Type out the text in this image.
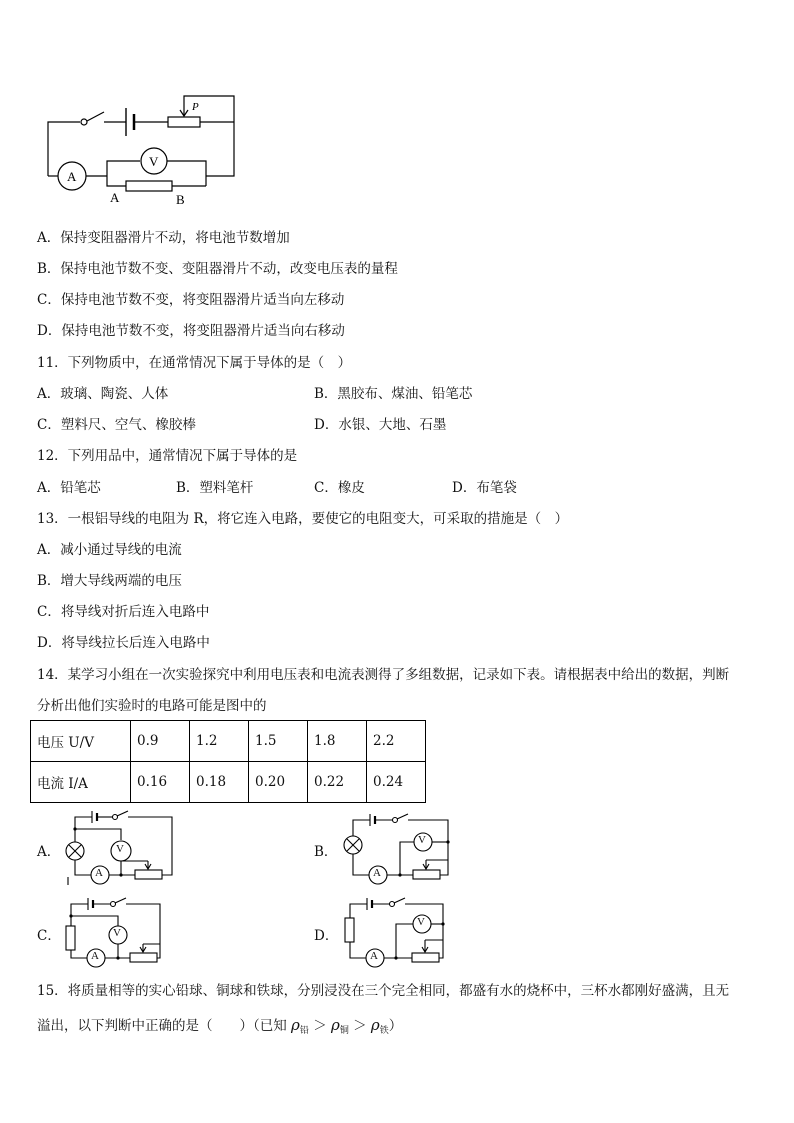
P
V
A
A	B
A．保持变阻器滑片不动，将电池节数增加
B．保持电池节数不变、变阻器滑片不动，改变电压表的量程
C．保持电池节数不变，将变阻器滑片适当向左移动
D．保持电池节数不变，将变阻器滑片适当向右移动
11．下列物质中，在通常情况下属于导体的是（　）
A．玻璃、陶瓷、人体	B．黑胶布、煤油、铅笔芯
C．塑料尺、空气、橡胶棒	D．水银、大地、石墨
12．下列用品中，通常情况下属于导体的是
A．铅笔芯	B．塑料笔杆	C．橡皮	D．布笔袋
13．一根铝导线的电阻为 R，将它连入电路，要使它的电阻变大，可采取的措施是（　）
A．减小通过导线的电流
B．增大导线两端的电压
C．将导线对折后连入电路中
D．将导线拉长后连入电路中
14．某学习小组在一次实验探究中利用电压表和电流表测得了多组数据，记录如下表。请根据表中给出的数据，判断
分析出他们实验时的电路可能是图中的
电压 U/V	0.9	1.2	1.5	1.8	2.2
电流 I/A	0.16	0.18	0.20	0.22	0.24
A．	B．
C．	D．
V
A
V
A
V
A
V
A
15．将质量相等的实心铅球、铜球和铁球，分别浸没在三个完全相同，都盛有水的烧杯中，三杯水都刚好盛满，且无
溢出，以下判断中正确的是（　　）（已知 $\rho_铅 > \rho_铜 > \rho_铁$）
